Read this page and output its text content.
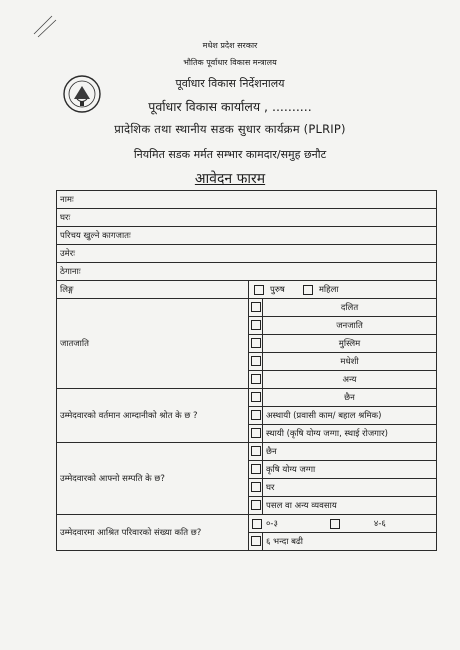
मधेश प्रदेश सरकार
भौतिक पूर्वाधार विकास मन्त्रालय
पूर्वाधार विकास निर्देशनालय
पूर्वाधार विकास कार्यालय , ..........
प्रादेशिक तथा स्थानीय सडक सुधार कार्यक्रम (PLRIP)
नियमित सडक मर्मत सम्भार कामदार/समुह छनौट
आवेदन फारम
नामः		
घरः		
परिचय खुल्ने कागजातः		
उमेरः		
ठेगानाः		
लिङ्ग	पुरुष महिला	
जातजाति		दलित
		जनजाति
		मुस्लिम
		मधेशी
		अन्य
उम्मेदवारको वर्तमान आम्दानीको श्रोत के छ ?		छैन
		अस्थायी (प्रवासी काम/ बहाल श्रमिक)
		स्थायी (कृषि योग्य जग्गा, स्थाई रोजगार)
उम्मेदवारको आफ्नो सम्पति के छ?		छैन
		कृषि योग्य जग्गा
		घर
		पसल वा अन्य व्यवसाय
उम्मेदवारमा आश्रित परिवारको संख्या कति छ?	०-३ ४-६	
		६ भन्दा बढी
